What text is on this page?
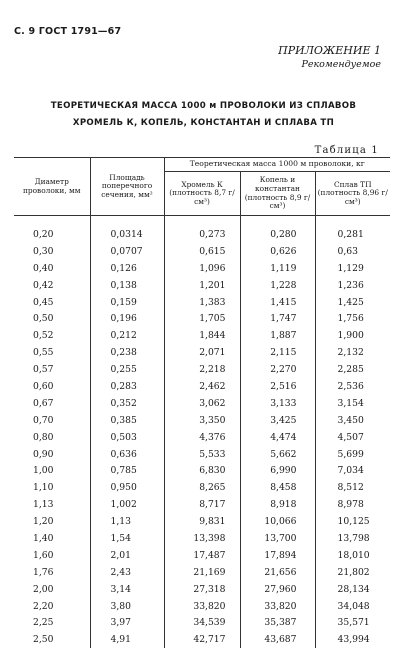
С. 9 ГОСТ 1791—67
ПРИЛОЖЕНИЕ 1
Рекомендуемое
ТЕОРЕТИЧЕСКАЯ МАССА 1000 м ПРОВОЛОКИ ИЗ СПЛАВОВ
ХРОМЕЛЬ К, КОПЕЛЬ, КОНСТАНТАН И СПЛАВА ТП
Таблица 1
Диаметр проволоки, мм	Площадь поперечного сечения, мм²	Теоретическая масса 1000 м проволоки, кг		
		Хромель К (плотность 8,7 г/см³)	Копель и константан (плотность 8,9 г/см³)	Сплав ТП (плотность 8,96 г/см³)
0,20	0,0314	0,273	0,280	0,281
0,30	0,0707	0,615	0,626	0,63
0,40	0,126	1,096	1,119	1,129
0,42	0,138	1,201	1,228	1,236
0,45	0,159	1,383	1,415	1,425
0,50	0,196	1,705	1,747	1,756
0,52	0,212	1,844	1,887	1,900
0,55	0,238	2,071	2,115	2,132
0,57	0,255	2,218	2,270	2,285
0,60	0,283	2,462	2,516	2,536
0,67	0,352	3,062	3,133	3,154
0,70	0,385	3,350	3,425	3,450
0,80	0,503	4,376	4,474	4,507
0,90	0,636	5,533	5,662	5,699
1,00	0,785	6,830	6,990	7,034
1,10	0,950	8,265	8,458	8,512
1,13	1,002	8,717	8,918	8,978
1,20	1,13	9,831	10,066	10,125
1,40	1,54	13,398	13,700	13,798
1,60	2,01	17,487	17,894	18,010
1,76	2,43	21,169	21,656	21,802
2,00	3,14	27,318	27,960	28,134
2,20	3,80	33,820	33,820	34,048
2,25	3,97	34,539	35,387	35,571
2,50	4,91	42,717	43,687	43,994
